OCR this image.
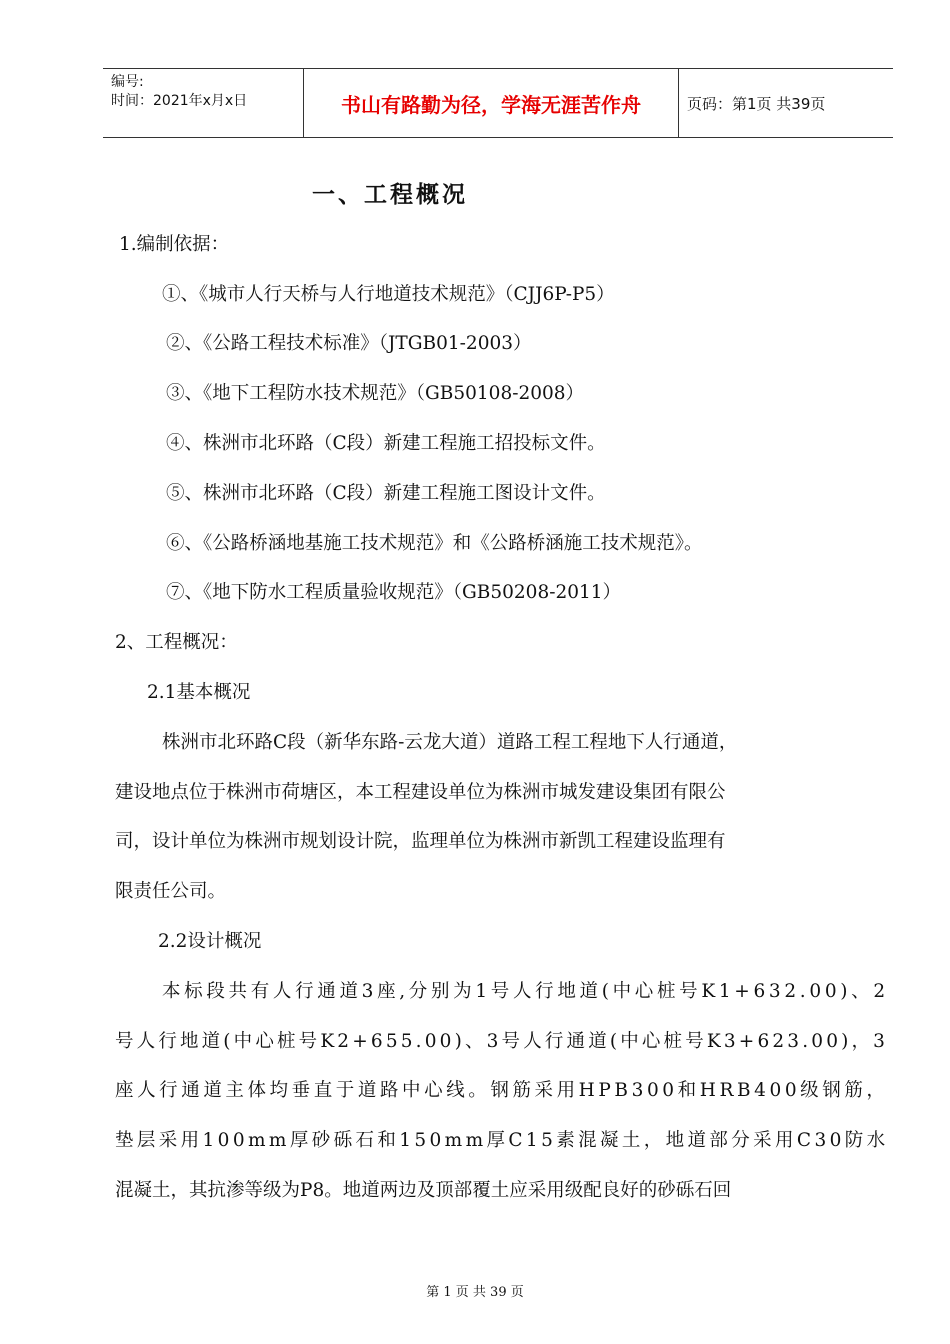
编号:
时间：2021年x月x日	书山有路勤为径，学海无涯苦作舟	页码：第1页 共39页
一、工程概况
1.编制依据：
①、《城市人行天桥与人行地道技术规范》（CJJ6P-P5）
②、《公路工程技术标准》（JTGB01-2003）
③、《地下工程防水技术规范》（GB50108-2008）
④、株洲市北环路（C段）新建工程施工招投标文件。
⑤、株洲市北环路（C段）新建工程施工图设计文件。
⑥、《公路桥涵地基施工技术规范》和《公路桥涵施工技术规范》。
⑦、《地下防水工程质量验收规范》（GB50208-2011）
2、工程概况：
2.1基本概况
株洲市北环路C段（新华东路-云龙大道）道路工程工程地下人行通道，
建设地点位于株洲市荷塘区，本工程建设单位为株洲市城发建设集团有限公
司，设计单位为株洲市规划设计院，监理单位为株洲市新凯工程建设监理有
限责任公司。
2.2设计概况
本标段共有人行通道3座,分别为1号人行地道(中心桩号K1+632.00)、2
号人行地道(中心桩号K2+655.00)、3号人行通道(中心桩号K3+623.00)，3
座人行通道主体均垂直于道路中心线。钢筋采用HPB300和HRB400级钢筋，
垫层采用100mm厚砂砾石和150mm厚C15素混凝土，地道部分采用C30防水
混凝土，其抗渗等级为P8。地道两边及顶部覆土应采用级配良好的砂砾石回
第 1 页 共 39 页
